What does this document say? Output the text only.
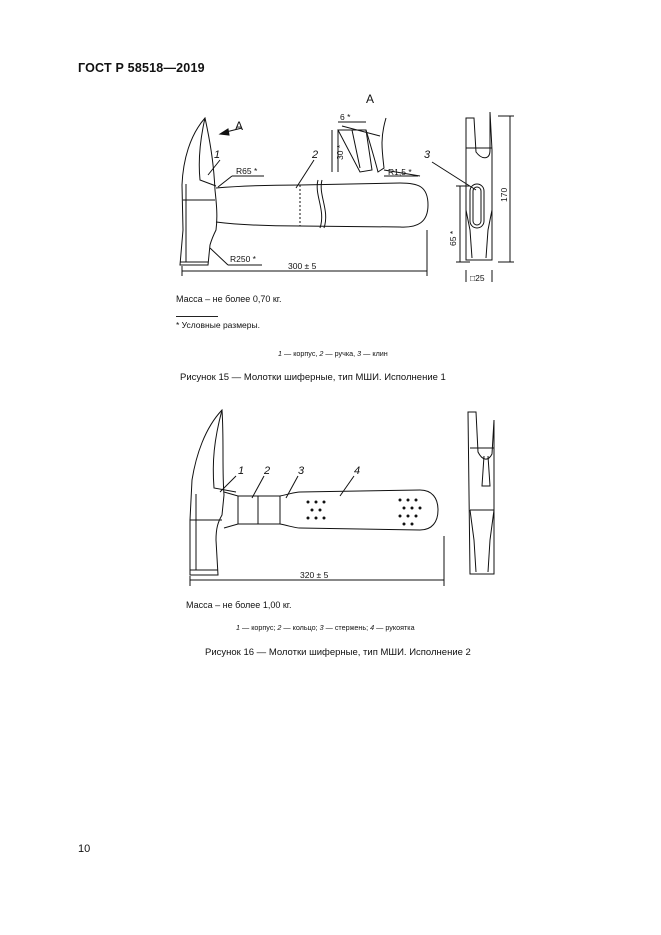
ГОСТ Р 58518—2019
1	2	3
A
A
R65 *
R250 *
300 ± 5
R1,5 *
6 *
30 *
170
65 *
□25
1 2	3	4
320 ± 5
Масса – не более 0,70 кг.
* Условные размеры.
1 — корпус, 2 — ручка, 3 — клин
Рисунок 15 — Молотки шиферные, тип МШИ. Исполнение 1
Масса – не более 1,00 кг.
1 — корпус; 2 — кольцо; 3 — стержень; 4 — рукоятка
Рисунок 16 — Молотки шиферные, тип МШИ. Исполнение 2
10
